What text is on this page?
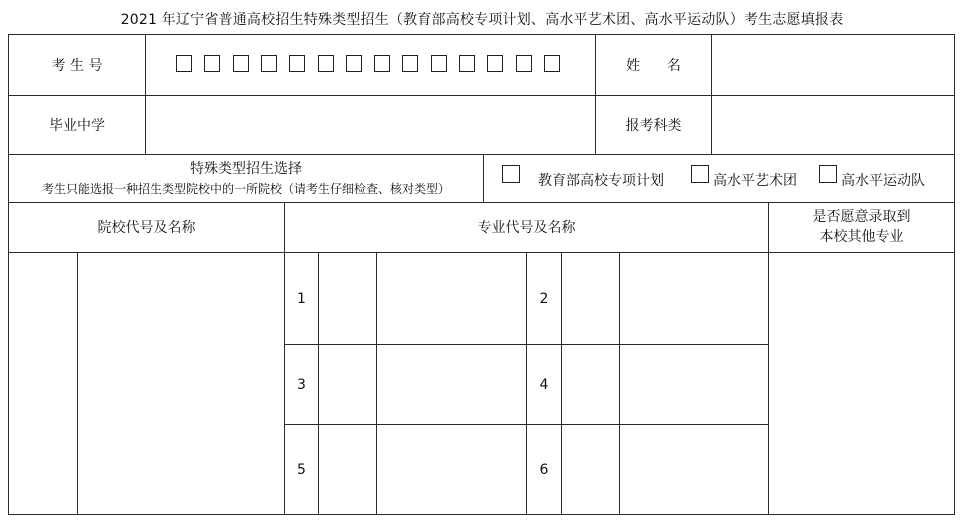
2021 年辽宁省普通高校招生特殊类型招生（教育部高校专项计划、高水平艺术团、高水平运动队）考生志愿填报表
考 生 号	姓      名
毕业中学	报考科类
特殊类型招生选择
考生只能选报一种招生类型院校中的一所院校（请考生仔细检查、核对类型）	教育部高校专项计划	高水平艺术团	高水平运动队
院校代号及名称	专业代号及名称
是否愿意录取到
本校其他专业
1	2
3	4
5	6
